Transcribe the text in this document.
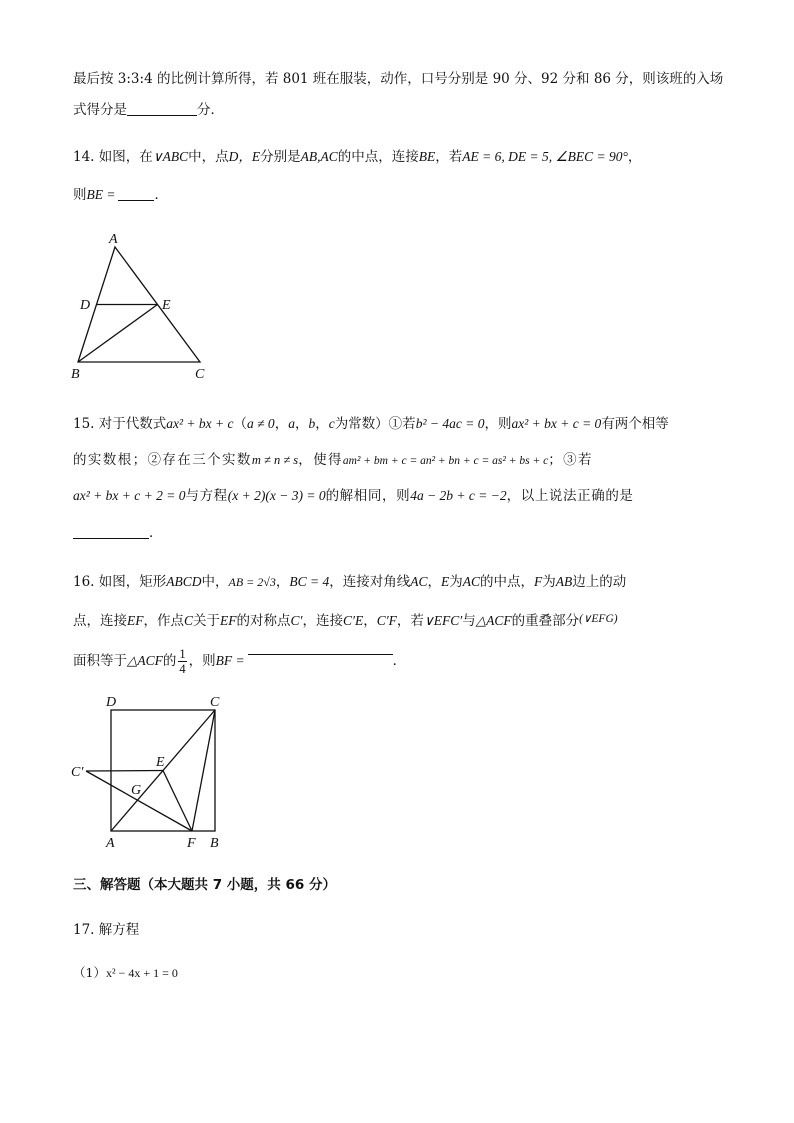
最后按 3:3:4 的比例计算所得，若 801 班在服装，动作，口号分别是 90 分、92 分和 86 分，则该班的入场
式得分是	分．
14. 如图，在∨ABC中，点D，E分别是AB,AC的中点，连接BE，若AE = 6, DE = 5, ∠BEC = 90°，
则BE =	．
A
D	E
B	C
15. 对于代数式ax² + bx + c（a ≠ 0，a，b，c为常数）①若b² − 4ac = 0，则ax² + bx + c = 0有两个相等
的实数根；②存在三个实数m ≠ n ≠ s，使得am² + bm + c = an² + bn + c = as² + bs + c；③若
ax² + bx + c + 2 = 0与方程(x + 2)(x − 3) = 0的解相同，则4a − 2b + c = −2，以上说法正确的是
．
16. 如图，矩形ABCD中，AB = 2√3，BC = 4，连接对角线AC，E为AC的中点，F为AB边上的动
点，连接EF，作点C关于EF的对称点C′，连接C′E，C′F，若∨EFC′与△ACF的重叠部分(∨EFG)
面积等于△ACF的 $\frac{1}{4}$ ，则BF =	．
D	C
C′
E
G
A	F B
三、解答题（本大题共 7 小题，共 66 分）
17. 解方程
（1）x² − 4x + 1 = 0
